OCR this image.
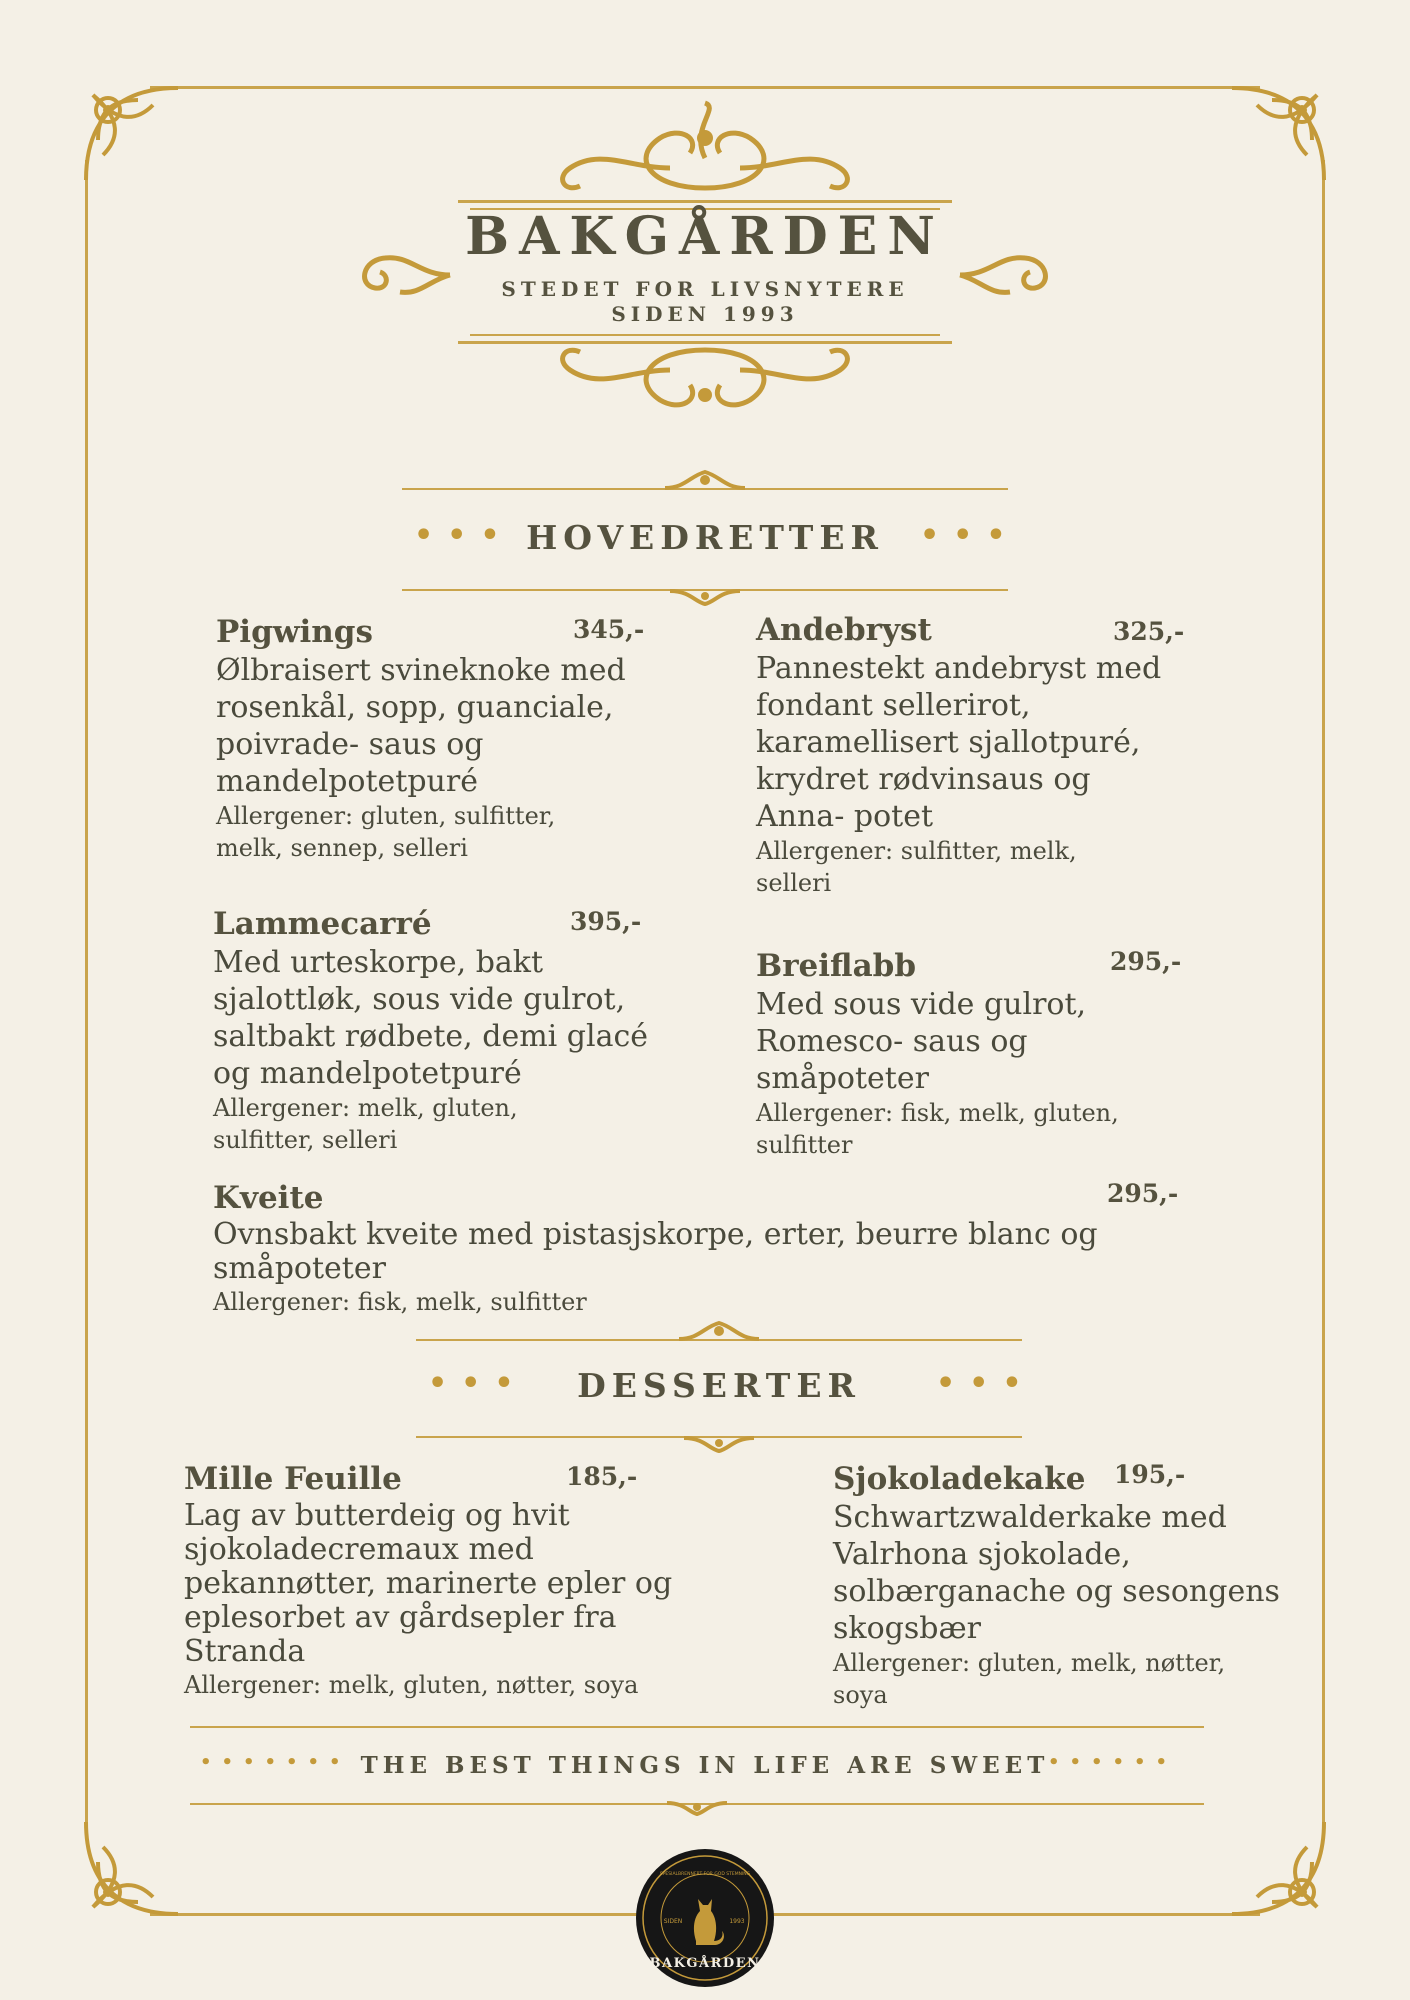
BAKGÅRDEN
STEDET FOR LIVSNYTERE
SIDEN 1993
••• HOVEDRETTER	•••
Pigwings	345,-
Ølbraisert svineknoke med rosenkål, sopp, guanciale, poivrade- saus og mandelpotetpuré
Allergener: gluten, sulfitter, melk, sennep, selleri
Andebryst	325,-
Pannestekt andebryst med fondant sellerirot, karamellisert sjallotpuré, krydret rødvinsaus og Anna- potet
Allergener: sulfitter, melk, selleri
Lammecarré	395,-
Med urteskorpe, bakt sjalottløk, sous vide gulrot, saltbakt rødbete, demi glacé og mandelpotetpuré
Allergener: melk, gluten, sulfitter, selleri
Breiflabb	295,-
Med sous vide gulrot, Romesco- saus og småpoteter
Allergener: fisk, melk, gluten, sulfitter
Kveite	295,-
Ovnsbakt kveite med pistasjskorpe, erter, beurre blanc og småpoteter
Allergener: fisk, melk, sulfitter
•••	DESSERTER	•••
Mille Feuille	185,-
Lag av butterdeig og hvit sjokoladecremaux med pekannøtter, marinerte epler og eplesorbet av gårdsepler fra Stranda
Allergener: melk, gluten, nøtter, soya
Sjokoladekake	195,-
Schwartzwalderkake med Valrhona sjokolade, solbærganache og sesongens skogsbær
Allergener: gluten, melk, nøtter, soya
••••••• THE BEST THINGS IN LIFE ARE SWEET
••••••
BAKGÅRDEN
SIDEN	1993
SPESIALBRENNERT FOR GOD STEMNING
